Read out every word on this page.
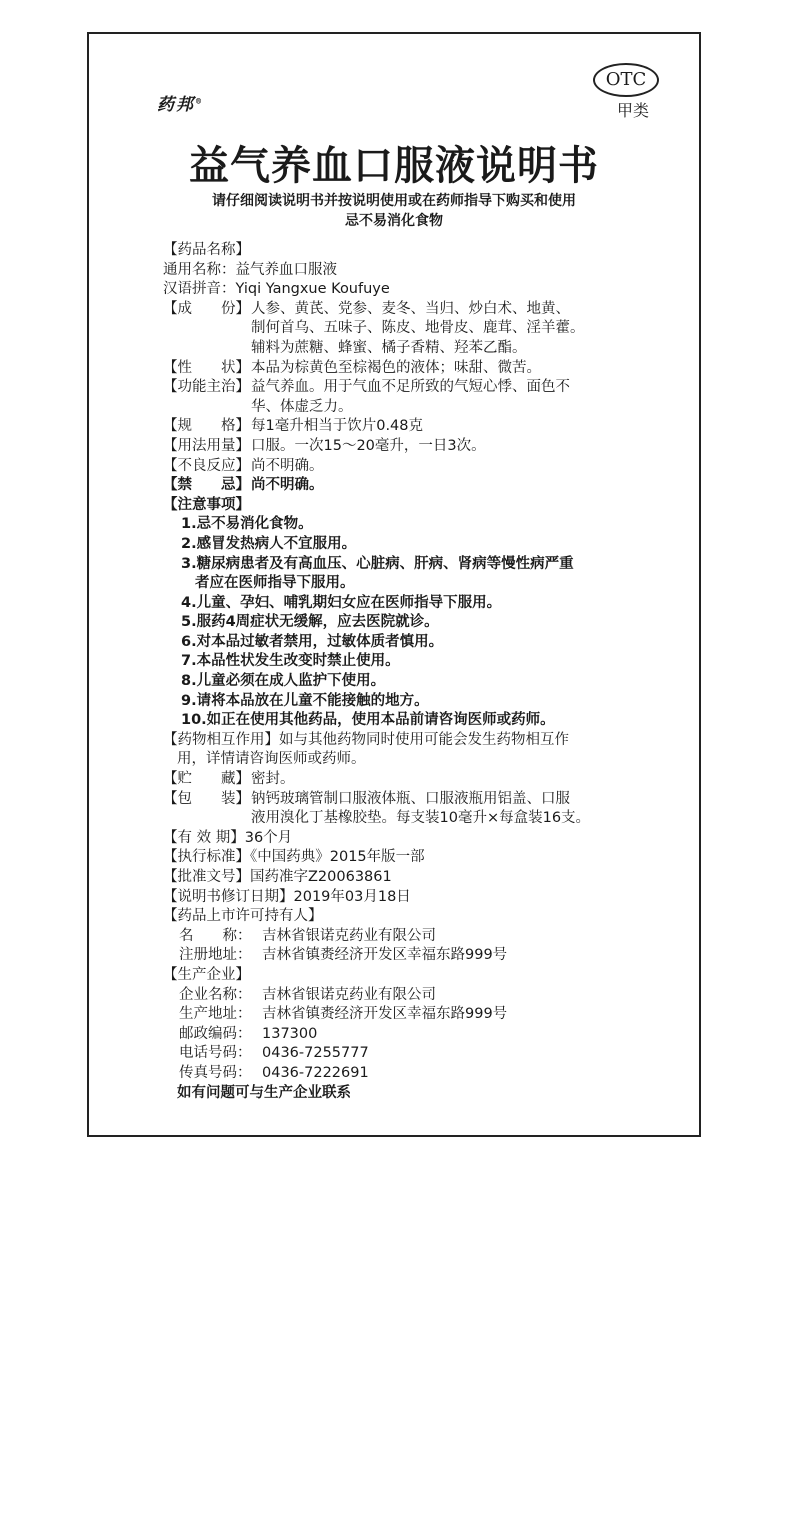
药邦®
OTC
甲类
益气养血口服液说明书
请仔细阅读说明书并按说明使用或在药师指导下购买和使用
忌不易消化食物
【药品名称】
通用名称：益气养血口服液
汉语拼音：Yiqi Yangxue Koufuye
【成　　份】人参、黄芪、党参、麦冬、当归、炒白术、地黄、
制何首乌、五味子、陈皮、地骨皮、鹿茸、淫羊藿。
辅料为蔗糖、蜂蜜、橘子香精、羟苯乙酯。
【性　　状】本品为棕黄色至棕褐色的液体；味甜、微苦。
【功能主治】益气养血。用于气血不足所致的气短心悸、面色不
华、体虚乏力。
【规　　格】每1毫升相当于饮片0.48克
【用法用量】口服。一次15～20毫升，一日3次。
【不良反应】尚不明确。
【禁　　忌】尚不明确。
【注意事项】
1.忌不易消化食物。
2.感冒发热病人不宜服用。
3.糖尿病患者及有高血压、心脏病、肝病、肾病等慢性病严重
者应在医师指导下服用。
4.儿童、孕妇、哺乳期妇女应在医师指导下服用。
5.服药4周症状无缓解，应去医院就诊。
6.对本品过敏者禁用，过敏体质者慎用。
7.本品性状发生改变时禁止使用。
8.儿童必须在成人监护下使用。
9.请将本品放在儿童不能接触的地方。
10.如正在使用其他药品，使用本品前请咨询医师或药师。
【药物相互作用】如与其他药物同时使用可能会发生药物相互作
用，详情请咨询医师或药师。
【贮　　藏】密封。
【包　　装】钠钙玻璃管制口服液体瓶、口服液瓶用铝盖、口服
液用溴化丁基橡胶垫。每支装10毫升×每盒装16支。
【有 效 期】36个月
【执行标准】《中国药典》2015年版一部
【批准文号】国药准字Z20063861
【说明书修订日期】2019年03月18日
【药品上市许可持有人】
名　　称： 吉林省银诺克药业有限公司
注册地址： 吉林省镇赉经济开发区幸福东路999号
【生产企业】
企业名称： 吉林省银诺克药业有限公司
生产地址： 吉林省镇赉经济开发区幸福东路999号
邮政编码： 137300
电话号码： 0436-7255777
传真号码： 0436-7222691
如有问题可与生产企业联系
